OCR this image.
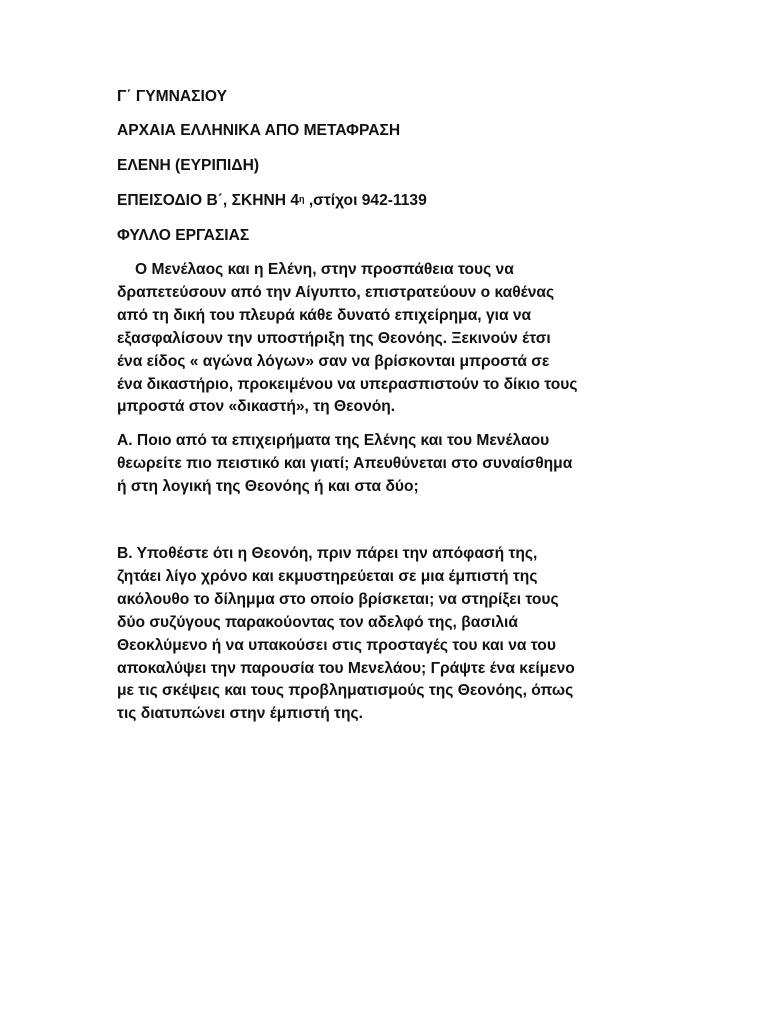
Γ΄ ΓΥΜΝΑΣΙΟΥ
ΑΡΧΑΙΑ ΕΛΛΗΝΙΚΑ ΑΠΟ ΜΕΤΑΦΡΑΣΗ
ΕΛΕΝΗ (ΕΥΡΙΠΙΔΗ)
ΕΠΕΙΣΟΔΙΟ Β΄, ΣΚΗΝΗ $4^\eta$ ,στίχοι 942-1139
ΦΥΛΛΟ ΕΡΓΑΣΙΑΣ
Ο Μενέλαος και η Ελένη, στην προσπάθεια τους να
δραπετεύσουν από την Αίγυπτο, επιστρατεύουν ο καθένας
από τη δική του πλευρά κάθε δυνατό επιχείρημα, για να
εξασφαλίσουν την υποστήριξη της Θεονόης. Ξεκινούν έτσι
ένα είδος « αγώνα λόγων» σαν να βρίσκονται μπροστά σε
ένα δικαστήριο, προκειμένου να υπερασπιστούν το δίκιο τους
μπροστά στον «δικαστή», τη Θεονόη.
Α. Ποιο από τα επιχειρήματα της Ελένης και του Μενέλαου
θεωρείτε πιο πειστικό και γιατί; Απευθύνεται στο συναίσθημα
ή στη λογική της Θεονόης ή και στα δύο;
Β. Υποθέστε ότι η Θεονόη, πριν πάρει την απόφασή της,
ζητάει λίγο χρόνο και εκμυστηρεύεται σε μια έμπιστή της
ακόλουθο το δίλημμα στο οποίο βρίσκεται; να στηρίξει τους
δύο συζύγους παρακούοντας τον αδελφό της, βασιλιά
Θεοκλύμενο ή να υπακούσει στις προσταγές του και να του
αποκαλύψει την παρουσία του Μενελάου; Γράψτε ένα κείμενο
με τις σκέψεις και τους προβληματισμούς της Θεονόης, όπως
τις διατυπώνει στην έμπιστή της.
